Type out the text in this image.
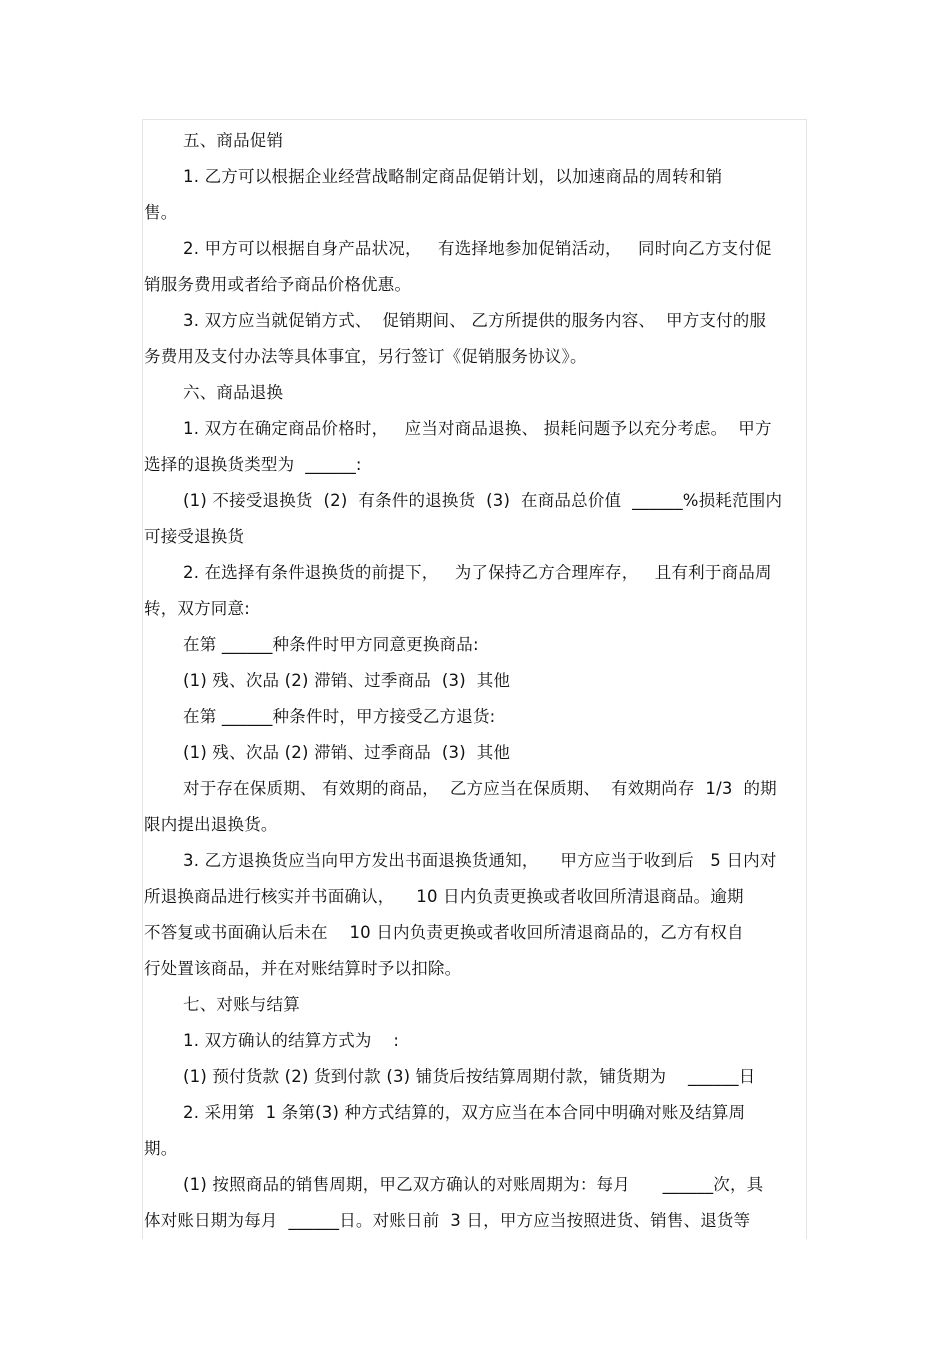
五、商品促销
1. 乙方可以根据企业经营战略制定商品促销计划，以加速商品的周转和销
售。
2. 甲方可以根据自身产品状况，   有选择地参加促销活动，   同时向乙方支付促
销服务费用或者给予商品价格优惠。
3. 双方应当就促销方式、  促销期间、 乙方所提供的服务内容、  甲方支付的服
务费用及支付办法等具体事宜，另行签订《促销服务协议》。
六、商品退换
1. 双方在确定商品价格时，   应当对商品退换、 损耗问题予以充分考虑。  甲方
选择的退换货类型为  ______:
(1) 不接受退换货  (2)  有条件的退换货  (3)  在商品总价值  ______%损耗范围内
可接受退换货
2. 在选择有条件退换货的前提下，   为了保持乙方合理库存，   且有利于商品周
转，双方同意:
在第 ______种条件时甲方同意更换商品:
(1) 残、次品 (2) 滞销、过季商品  (3)  其他
在第 ______种条件时，甲方接受乙方退货:
(1) 残、次品 (2) 滞销、过季商品  (3)  其他
对于存在保质期、 有效期的商品，  乙方应当在保质期、  有效期尚存  1/3  的期
限内提出退换货。
3. 乙方退换货应当向甲方发出书面退换货通知，    甲方应当于收到后   5 日内对
所退换商品进行核实并书面确认，    10 日内负责更换或者收回所清退商品。逾期
不答复或书面确认后未在    10 日内负责更换或者收回所清退商品的，乙方有权自
行处置该商品，并在对账结算时予以扣除。
七、对账与结算
1. 双方确认的结算方式为    :
(1) 预付货款 (2) 货到付款 (3) 铺货后按结算周期付款，铺货期为    ______日
2. 采用第  1 条第(3) 种方式结算的，双方应当在本合同中明确对账及结算周
期。
(1) 按照商品的销售周期，甲乙双方确认的对账周期为：每月      ______次，具
体对账日期为每月  ______日。对账日前  3 日，甲方应当按照进货、销售、退货等
